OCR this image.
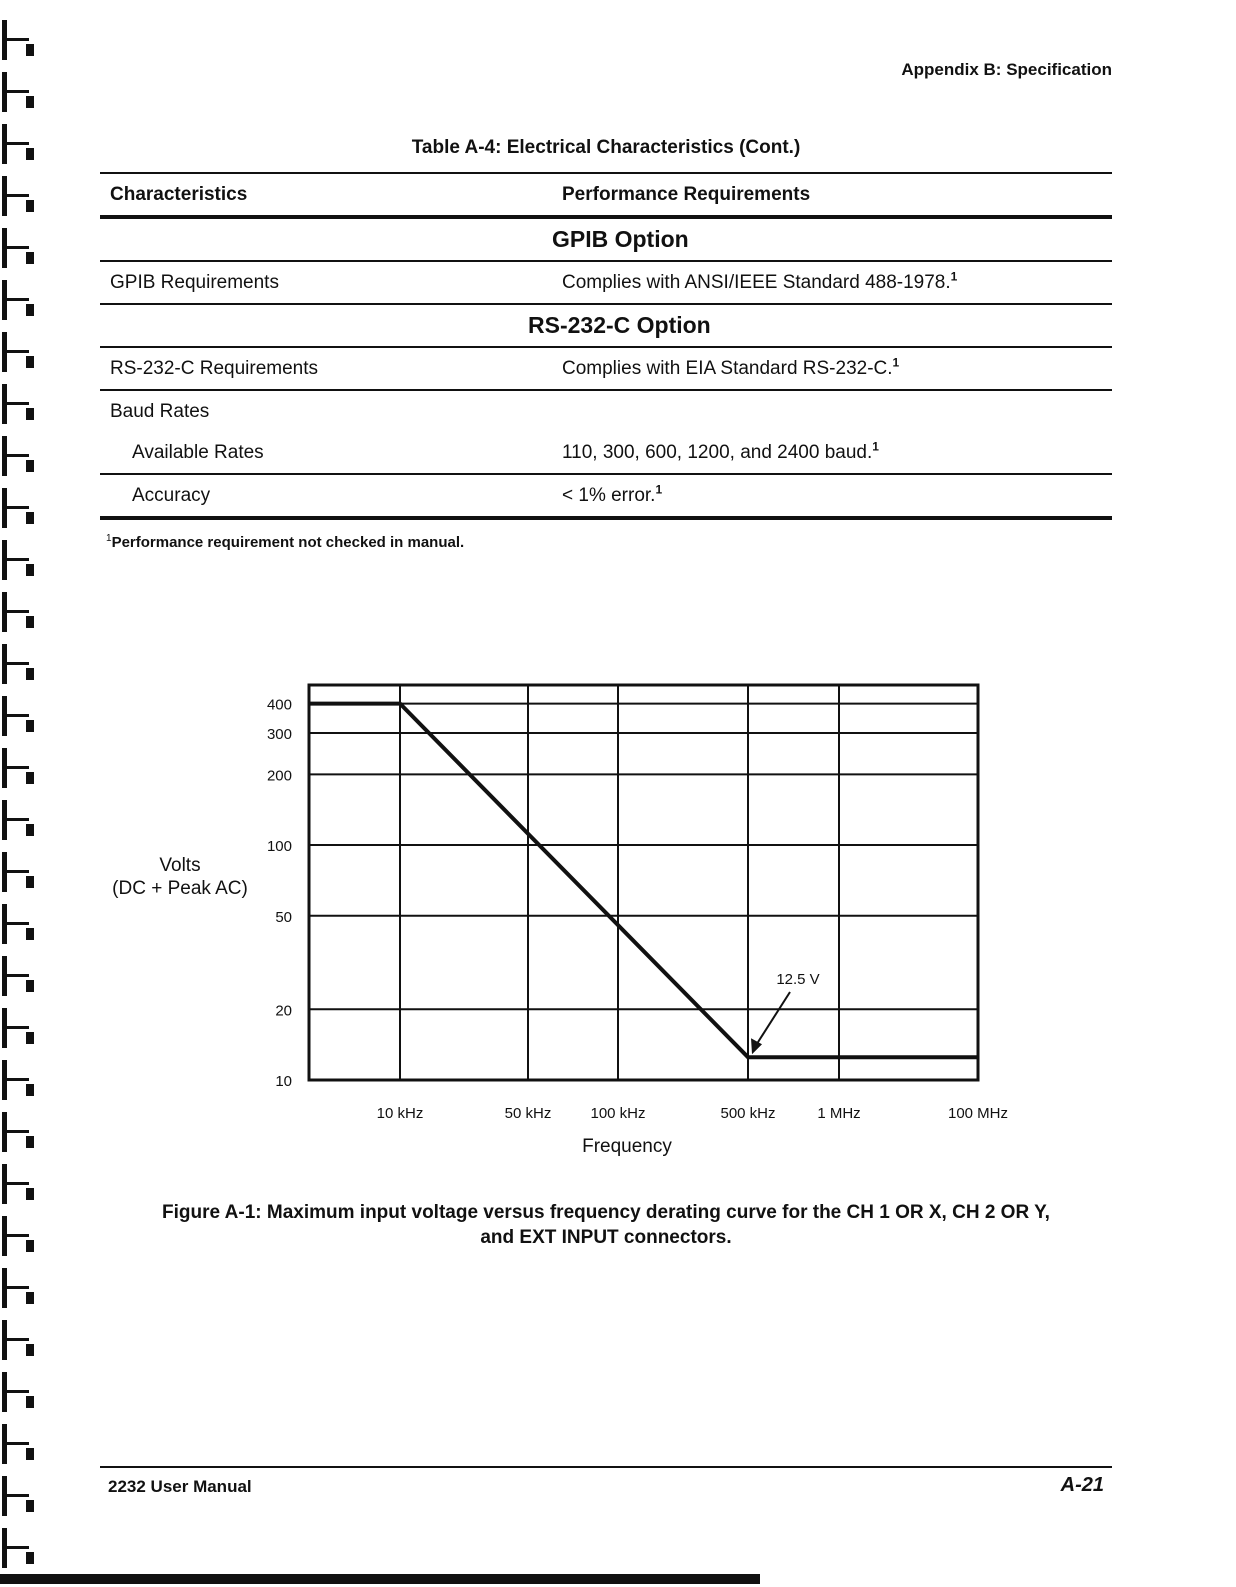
Appendix B: Specification
Table A-4: Electrical Characteristics (Cont.)
Characteristics	Performance Requirements
	GPIB Option
GPIB Requirements	Complies with ANSI/IEEE Standard 488-1978.$^1$
	RS-232-C Option
RS-232-C Requirements	Complies with EIA Standard RS-232-C.$^1$
Baud Rates	
Available Rates	110, 300, 600, 1200, and 2400 baud.$^1$
Accuracy	< 1% error.$^1$
$^1$Performance requirement not checked in manual.
10 kHz	50 kHz	100 kHz	500 kHz	1 MHz	100 MHz
400
300
200
100
50
20
10
12.5 V
Frequency
Volts
(DC + Peak AC)
Figure A-1: Maximum input voltage versus frequency derating curve for the CH 1 OR X, CH 2 OR Y,
and EXT INPUT connectors.
2232 User Manual	A-21
